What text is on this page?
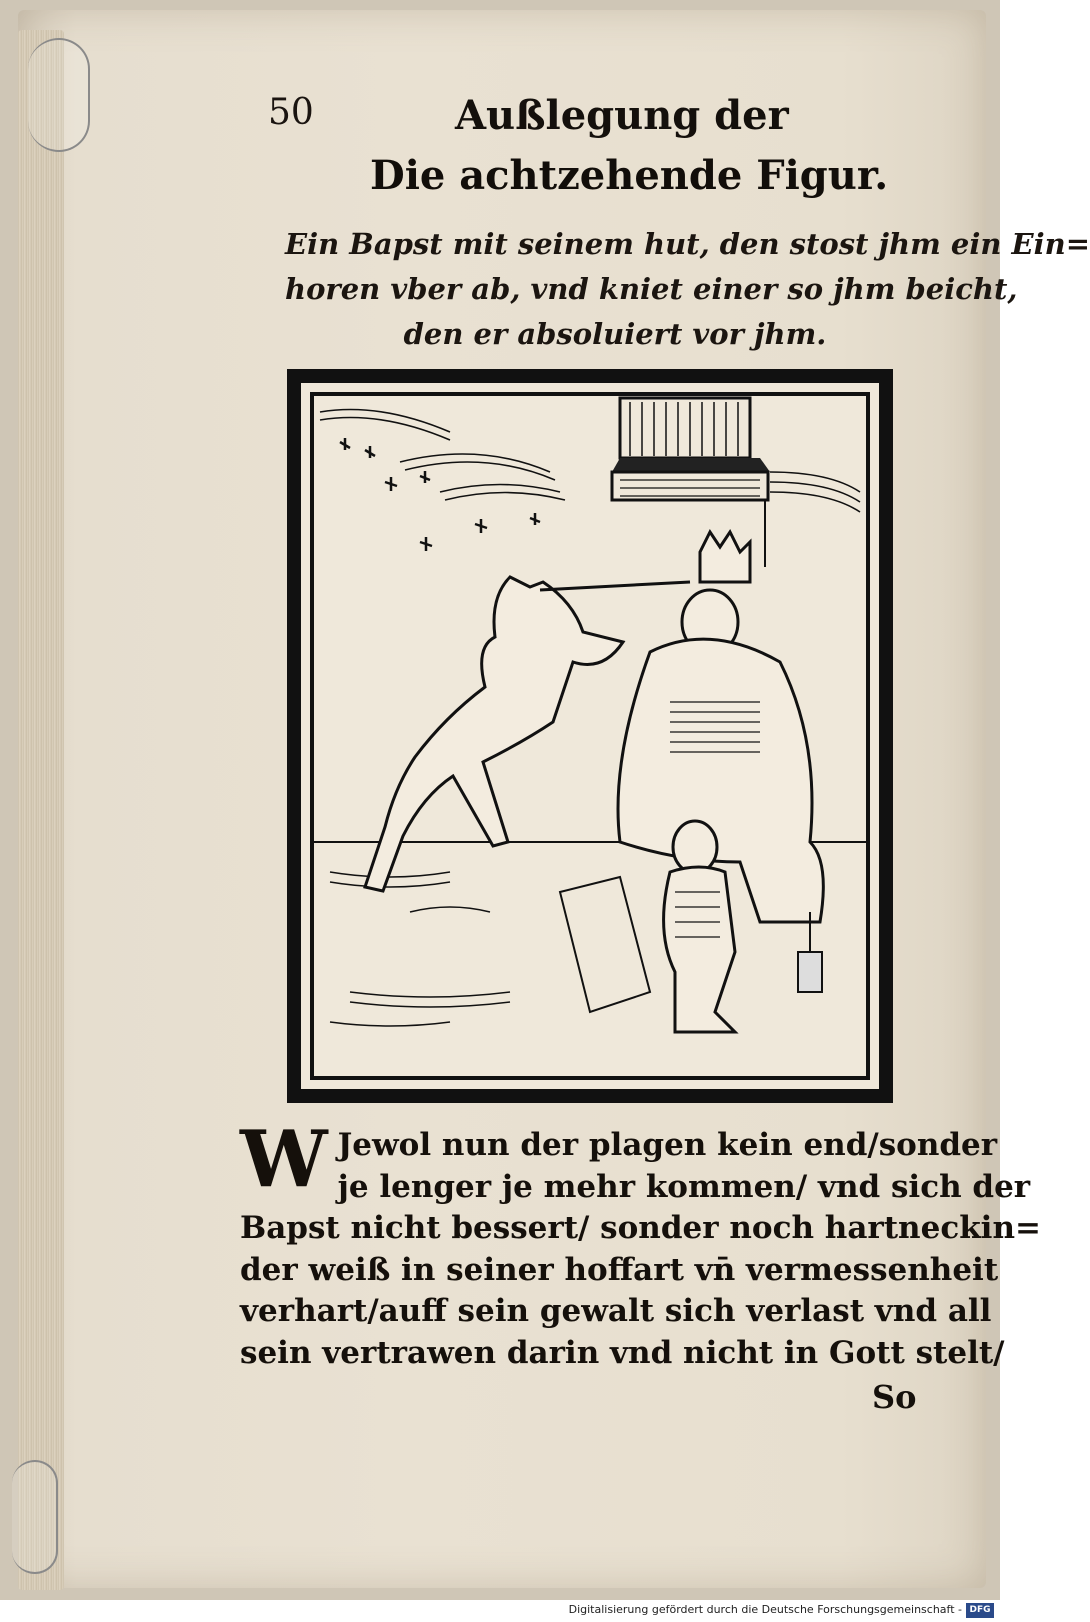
50	Außlegung der
Die achtzehende Figur.
Ein Bapst mit seinem hut, den stost jhm ein Ein=
horen vber ab, vnd kniet einer so jhm beicht,
den er absoluiert vor jhm.
W Jewol nun der plagen kein end/sonder
je lenger je mehr kommen/ vnd sich der
Bapst nicht bessert/ sonder noch hartneckin=
der weiß in seiner hoffart vn̄ vermessenheit
verhart/auff sein gewalt sich verlast vnd all
sein vertrawen darin vnd nicht in Gott stelt/
So
Digitalisierung gefördert durch die Deutsche Forschungsgemeinschaft - DFG
